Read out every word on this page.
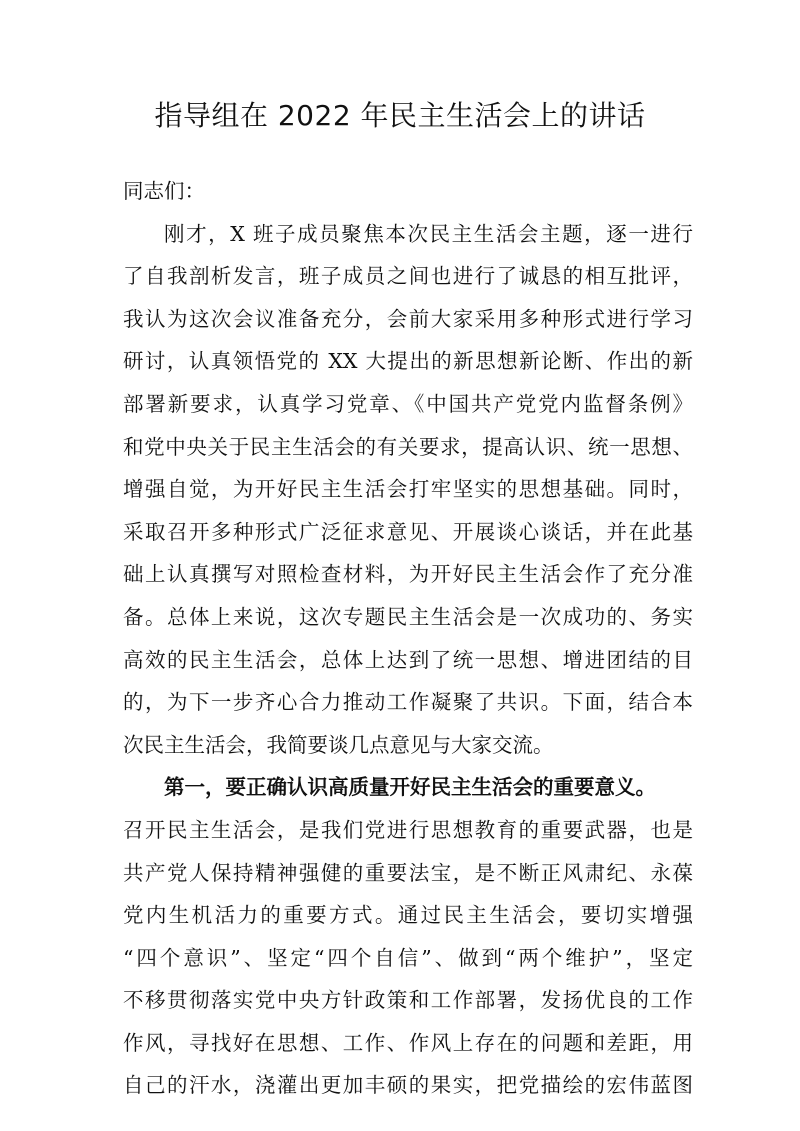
指导组在 2022 年民主生活会上的讲话
同志们：
刚才，X 班子成员聚焦本次民主生活会主题，逐一进行
了自我剖析发言，班子成员之间也进行了诚恳的相互批评，
我认为这次会议准备充分，会前大家采用多种形式进行学习
研讨，认真领悟党的 XX 大提出的新思想新论断、作出的新
部署新要求，认真学习党章、《中国共产党党内监督条例》
和党中央关于民主生活会的有关要求，提高认识、统一思想、
增强自觉，为开好民主生活会打牢坚实的思想基础。同时，
采取召开多种形式广泛征求意见、开展谈心谈话，并在此基
础上认真撰写对照检查材料，为开好民主生活会作了充分准
备。总体上来说，这次专题民主生活会是一次成功的、务实
高效的民主生活会，总体上达到了统一思想、增进团结的目
的，为下一步齐心合力推动工作凝聚了共识。下面，结合本
次民主生活会，我简要谈几点意见与大家交流。
第一，要正确认识高质量开好民主生活会的重要意义。
召开民主生活会，是我们党进行思想教育的重要武器，也是
共产党人保持精神强健的重要法宝，是不断正风肃纪、永葆
党内生机活力的重要方式。通过民主生活会，要切实增强
“四个意识”、坚定“四个自信”、做到“两个维护”，坚定
不移贯彻落实党中央方针政策和工作部署，发扬优良的工作
作风，寻找好在思想、工作、作风上存在的问题和差距，用
自己的汗水，浇灌出更加丰硕的果实，把党描绘的宏伟蓝图
